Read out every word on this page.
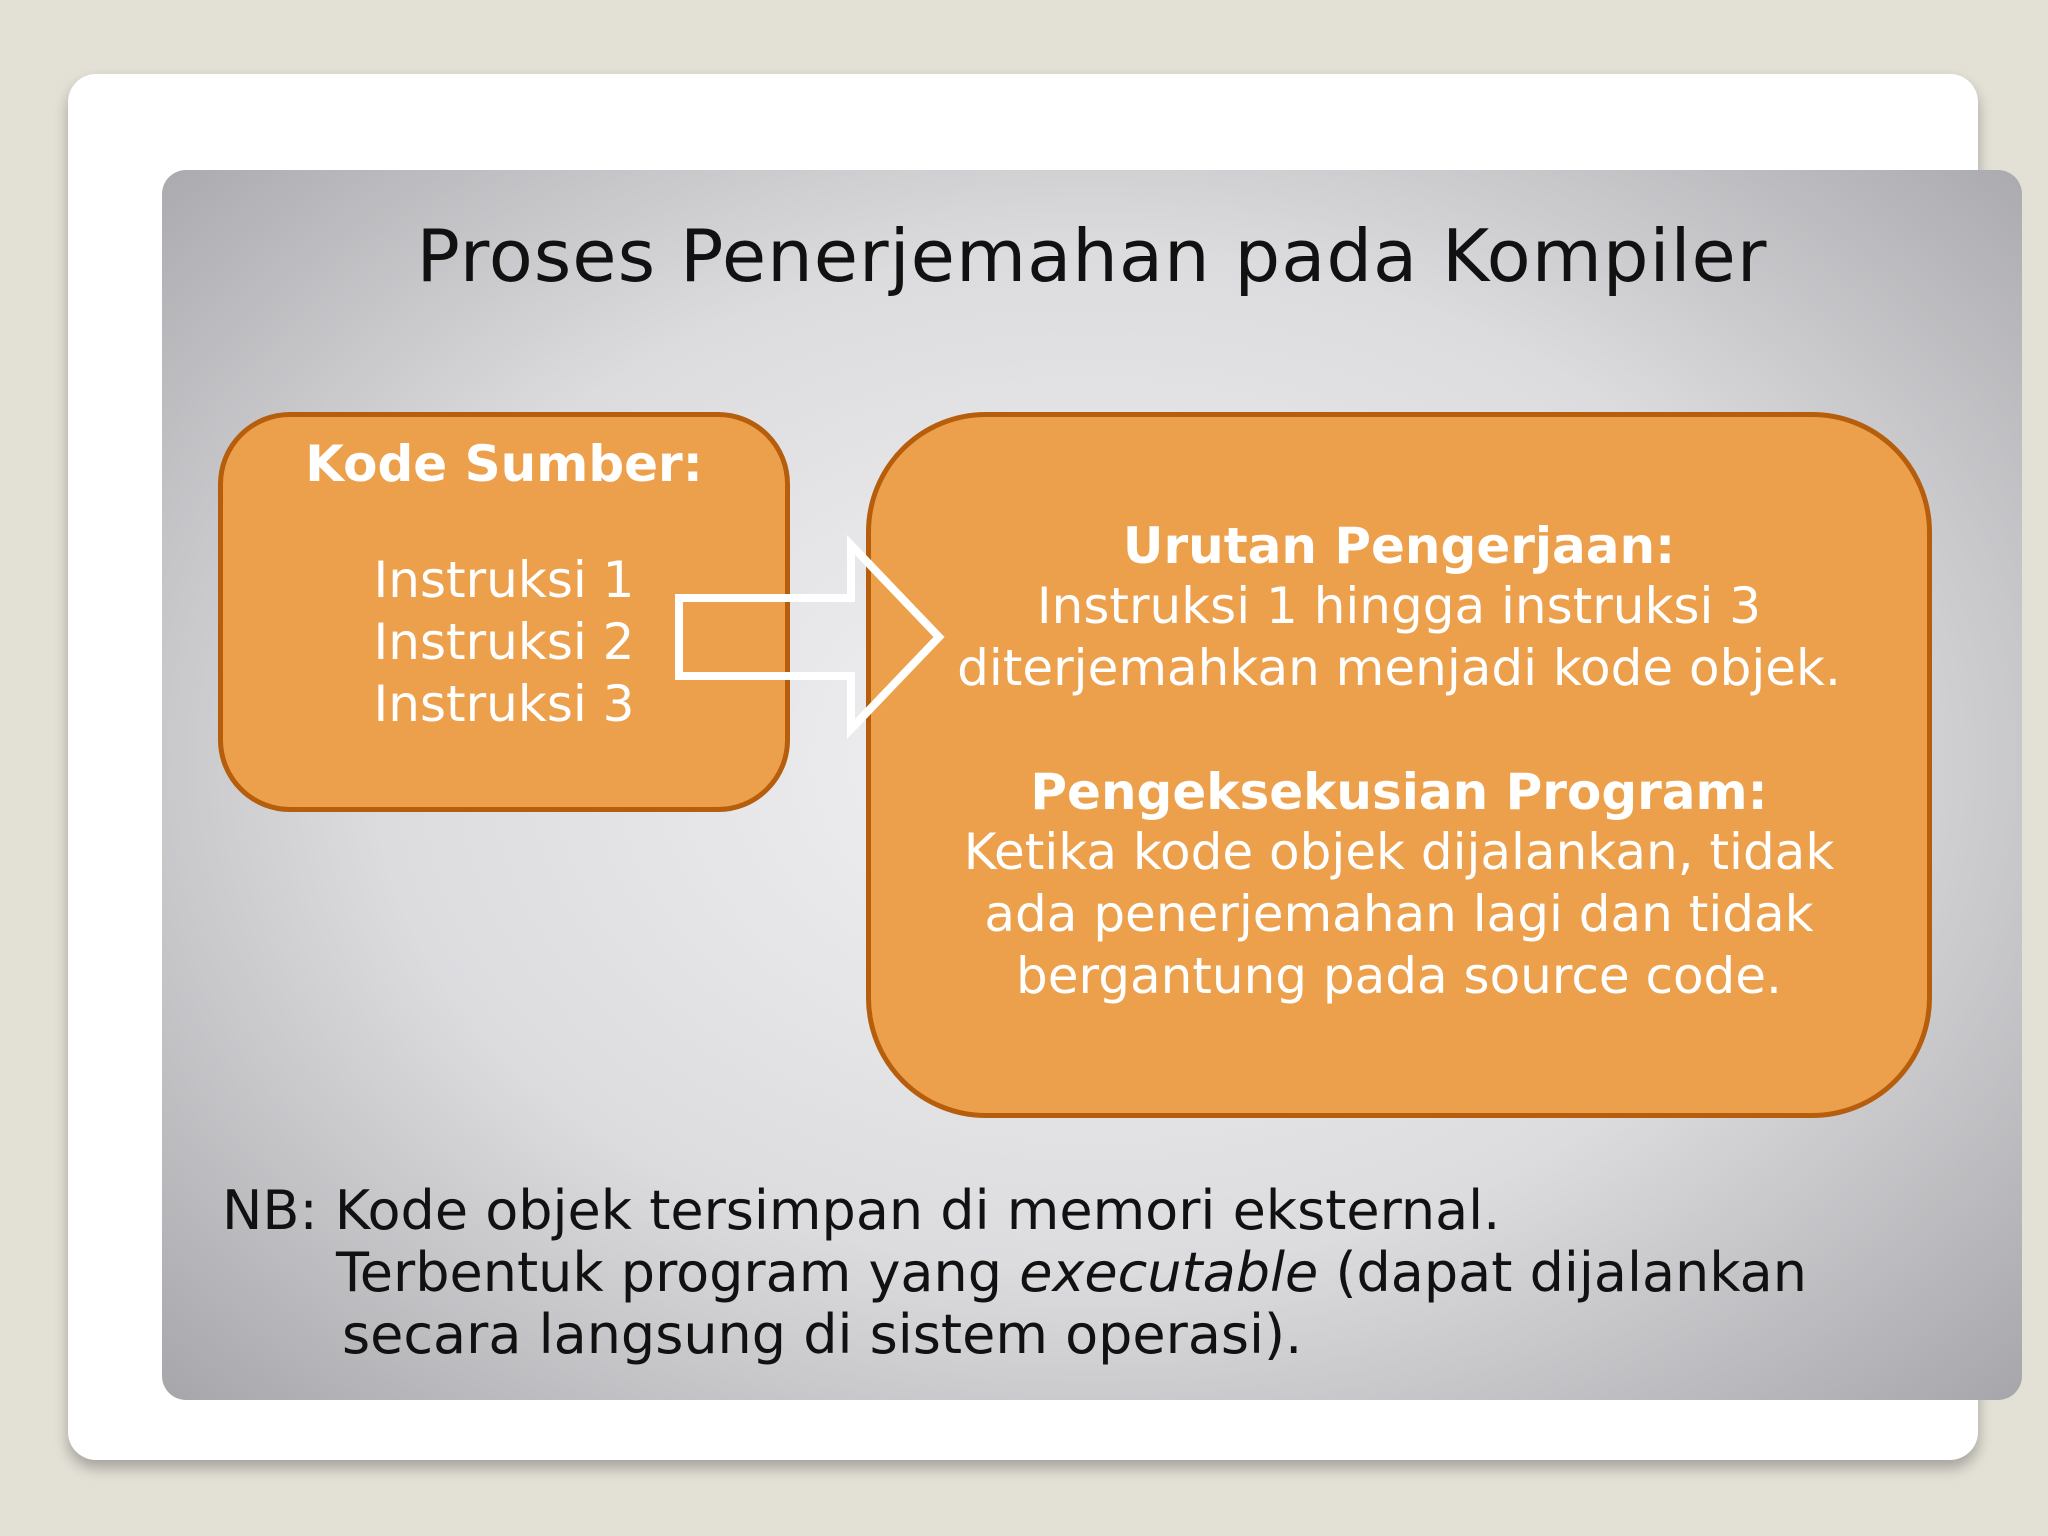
Proses Penerjemahan pada Kompiler
Kode Sumber:
Instruksi 1
Instruksi 2
Instruksi 3
Urutan Pengerjaan:
Instruksi 1 hingga instruksi 3
diterjemahkan menjadi kode objek.
Pengeksekusian Program:
Ketika kode objek dijalankan, tidak
ada penerjemahan lagi dan tidak
bergantung pada source code.
NB: Kode objek tersimpan di memori eksternal.
Terbentuk program yang executable (dapat dijalankan
secara langsung di sistem operasi).
